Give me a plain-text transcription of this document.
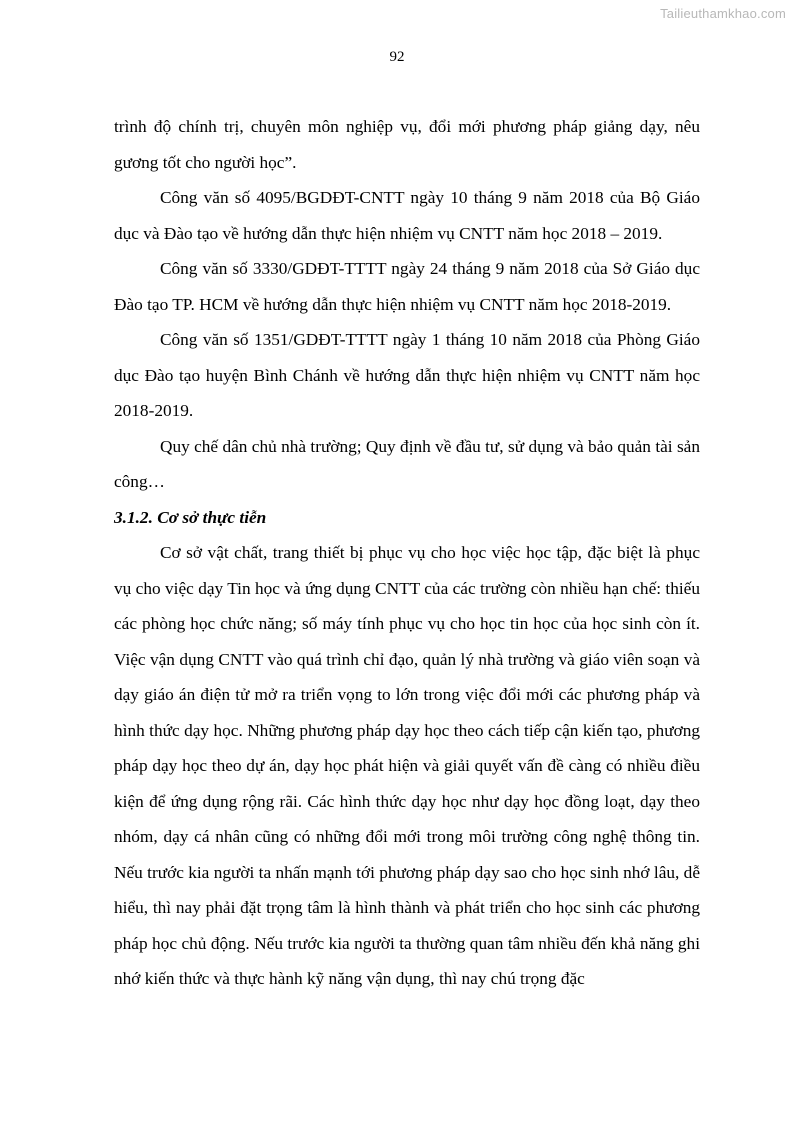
Tailieuthamkhao.com
92

trình độ chính trị, chuyên môn nghiệp vụ, đổi mới phương pháp giảng dạy, nêu gương tốt cho người học”.

Công văn số 4095/BGDĐT-CNTT ngày 10 tháng 9 năm 2018 của Bộ Giáo dục và Đào tạo về hướng dẫn thực hiện nhiệm vụ CNTT năm học 2018 – 2019.

Công văn số 3330/GDĐT-TTTT ngày 24 tháng 9 năm 2018 của Sở Giáo dục Đào tạo TP. HCM về hướng dẫn thực hiện nhiệm vụ CNTT năm học 2018-2019.

Công văn số 1351/GDĐT-TTTT ngày 1 tháng 10 năm 2018 của Phòng Giáo dục Đào tạo huyện Bình Chánh về hướng dẫn thực hiện nhiệm vụ CNTT năm học 2018-2019.

Quy chế dân chủ nhà trường; Quy định về đầu tư, sử dụng và bảo quản tài sản công…

3.1.2. Cơ sở thực tiễn

Cơ sở vật chất, trang thiết bị phục vụ cho học việc học tập, đặc biệt là phục vụ cho việc dạy Tin học và ứng dụng CNTT của các trường còn nhiều hạn chế: thiếu các phòng học chức năng; số máy tính phục vụ cho học tin học của học sinh còn ít. Việc vận dụng CNTT vào quá trình chỉ đạo, quản lý nhà trường và giáo viên soạn và dạy giáo án điện tử mở ra triển vọng to lớn trong việc đổi mới các phương pháp và hình thức dạy học. Những phương pháp dạy học theo cách tiếp cận kiến tạo, phương pháp dạy học theo dự án, dạy học phát hiện và giải quyết vấn đề càng có nhiều điều kiện để ứng dụng rộng rãi. Các hình thức dạy học như dạy học đồng loạt, dạy theo nhóm, dạy cá nhân cũng có những đổi mới trong môi trường công nghệ thông tin. Nếu trước kia người ta nhấn mạnh tới phương pháp dạy sao cho học sinh nhớ lâu, dễ hiểu, thì nay phải đặt trọng tâm là hình thành và phát triển cho học sinh các phương pháp học chủ động. Nếu trước kia người ta thường quan tâm nhiều đến khả năng ghi nhớ kiến thức và thực hành kỹ năng vận dụng, thì nay chú trọng đặc
